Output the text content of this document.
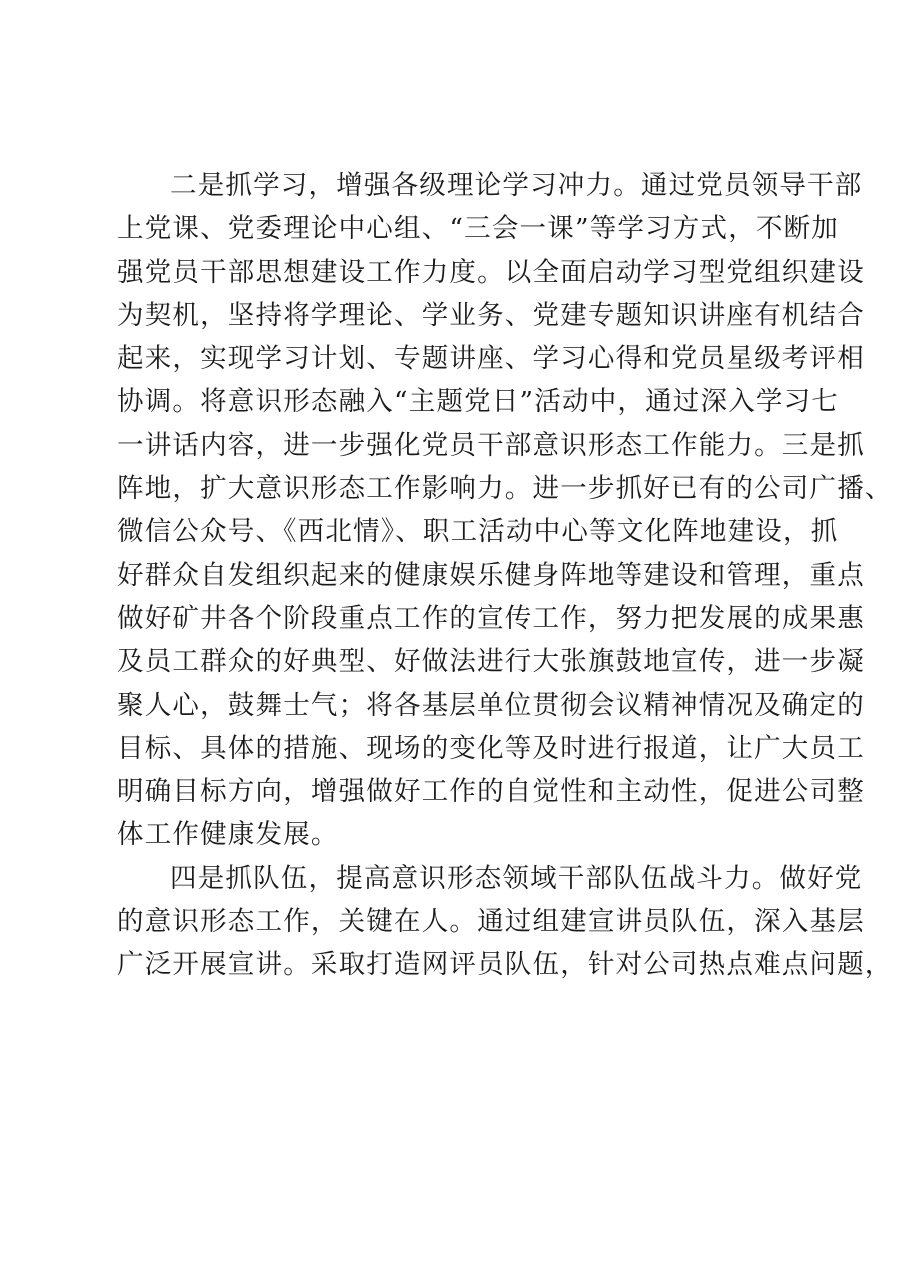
二是抓学习，增强各级理论学习冲力。通过党员领导干部
上党课、党委理论中心组、“三会一课”等学习方式，不断加
强党员干部思想建设工作力度。以全面启动学习型党组织建设
为契机，坚持将学理论、学业务、党建专题知识讲座有机结合
起来，实现学习计划、专题讲座、学习心得和党员星级考评相
协调。将意识形态融入“主题党日”活动中，通过深入学习七
一讲话内容，进一步强化党员干部意识形态工作能力。三是抓
阵地，扩大意识形态工作影响力。进一步抓好已有的公司广播、
微信公众号、《西北情》、职工活动中心等文化阵地建设，抓
好群众自发组织起来的健康娱乐健身阵地等建设和管理，重点
做好矿井各个阶段重点工作的宣传工作，努力把发展的成果惠
及员工群众的好典型、好做法进行大张旗鼓地宣传，进一步凝
聚人心，鼓舞士气；将各基层单位贯彻会议精神情况及确定的
目标、具体的措施、现场的变化等及时进行报道，让广大员工
明确目标方向，增强做好工作的自觉性和主动性，促进公司整
体工作健康发展。
四是抓队伍，提高意识形态领域干部队伍战斗力。做好党
的意识形态工作，关键在人。通过组建宣讲员队伍，深入基层
广泛开展宣讲。采取打造网评员队伍，针对公司热点难点问题，
